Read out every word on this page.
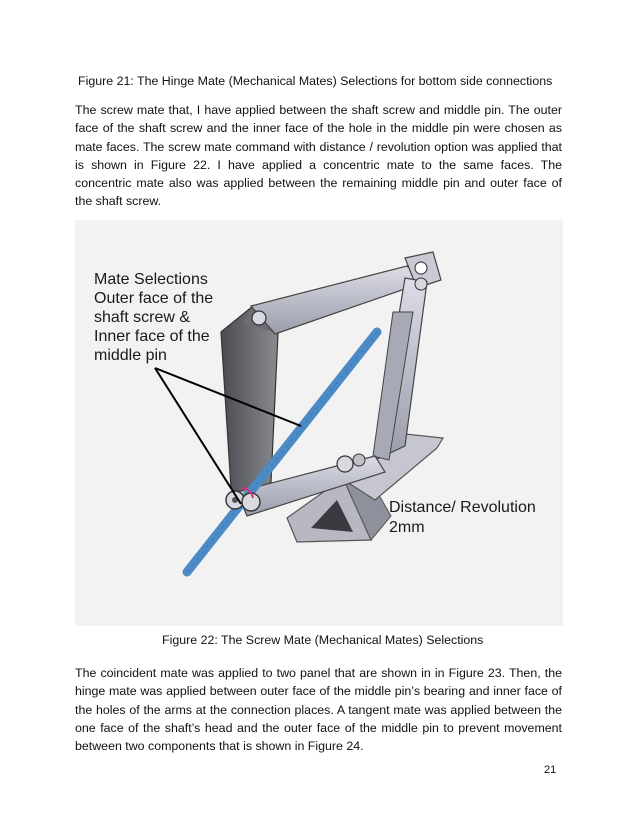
Figure 21: The Hinge Mate (Mechanical Mates) Selections for bottom side connections

The screw mate that, I have applied between the shaft screw and middle pin. The outer face of the shaft screw and the inner face of the hole in the middle pin were chosen as mate faces. The screw mate command with distance / revolution option was applied that is shown in Figure 22. I have applied a concentric mate to the same faces. The concentric mate also was applied between the remaining middle pin and outer face of the shaft screw.

Mate Selections
Outer face of the
shaft screw &
Inner face of the
middle pin
Distance/ Revolution
2mm
Figure 22: The Screw Mate (Mechanical Mates) Selections

The coincident mate was applied to two panel that are shown in in Figure 23. Then, the hinge mate was applied between outer face of the middle pin’s bearing and inner face of the holes of the arms at the connection places. A tangent mate was applied between the one face of the shaft’s head and the outer face of the middle pin to prevent movement between two components that is shown in Figure 24.

21
